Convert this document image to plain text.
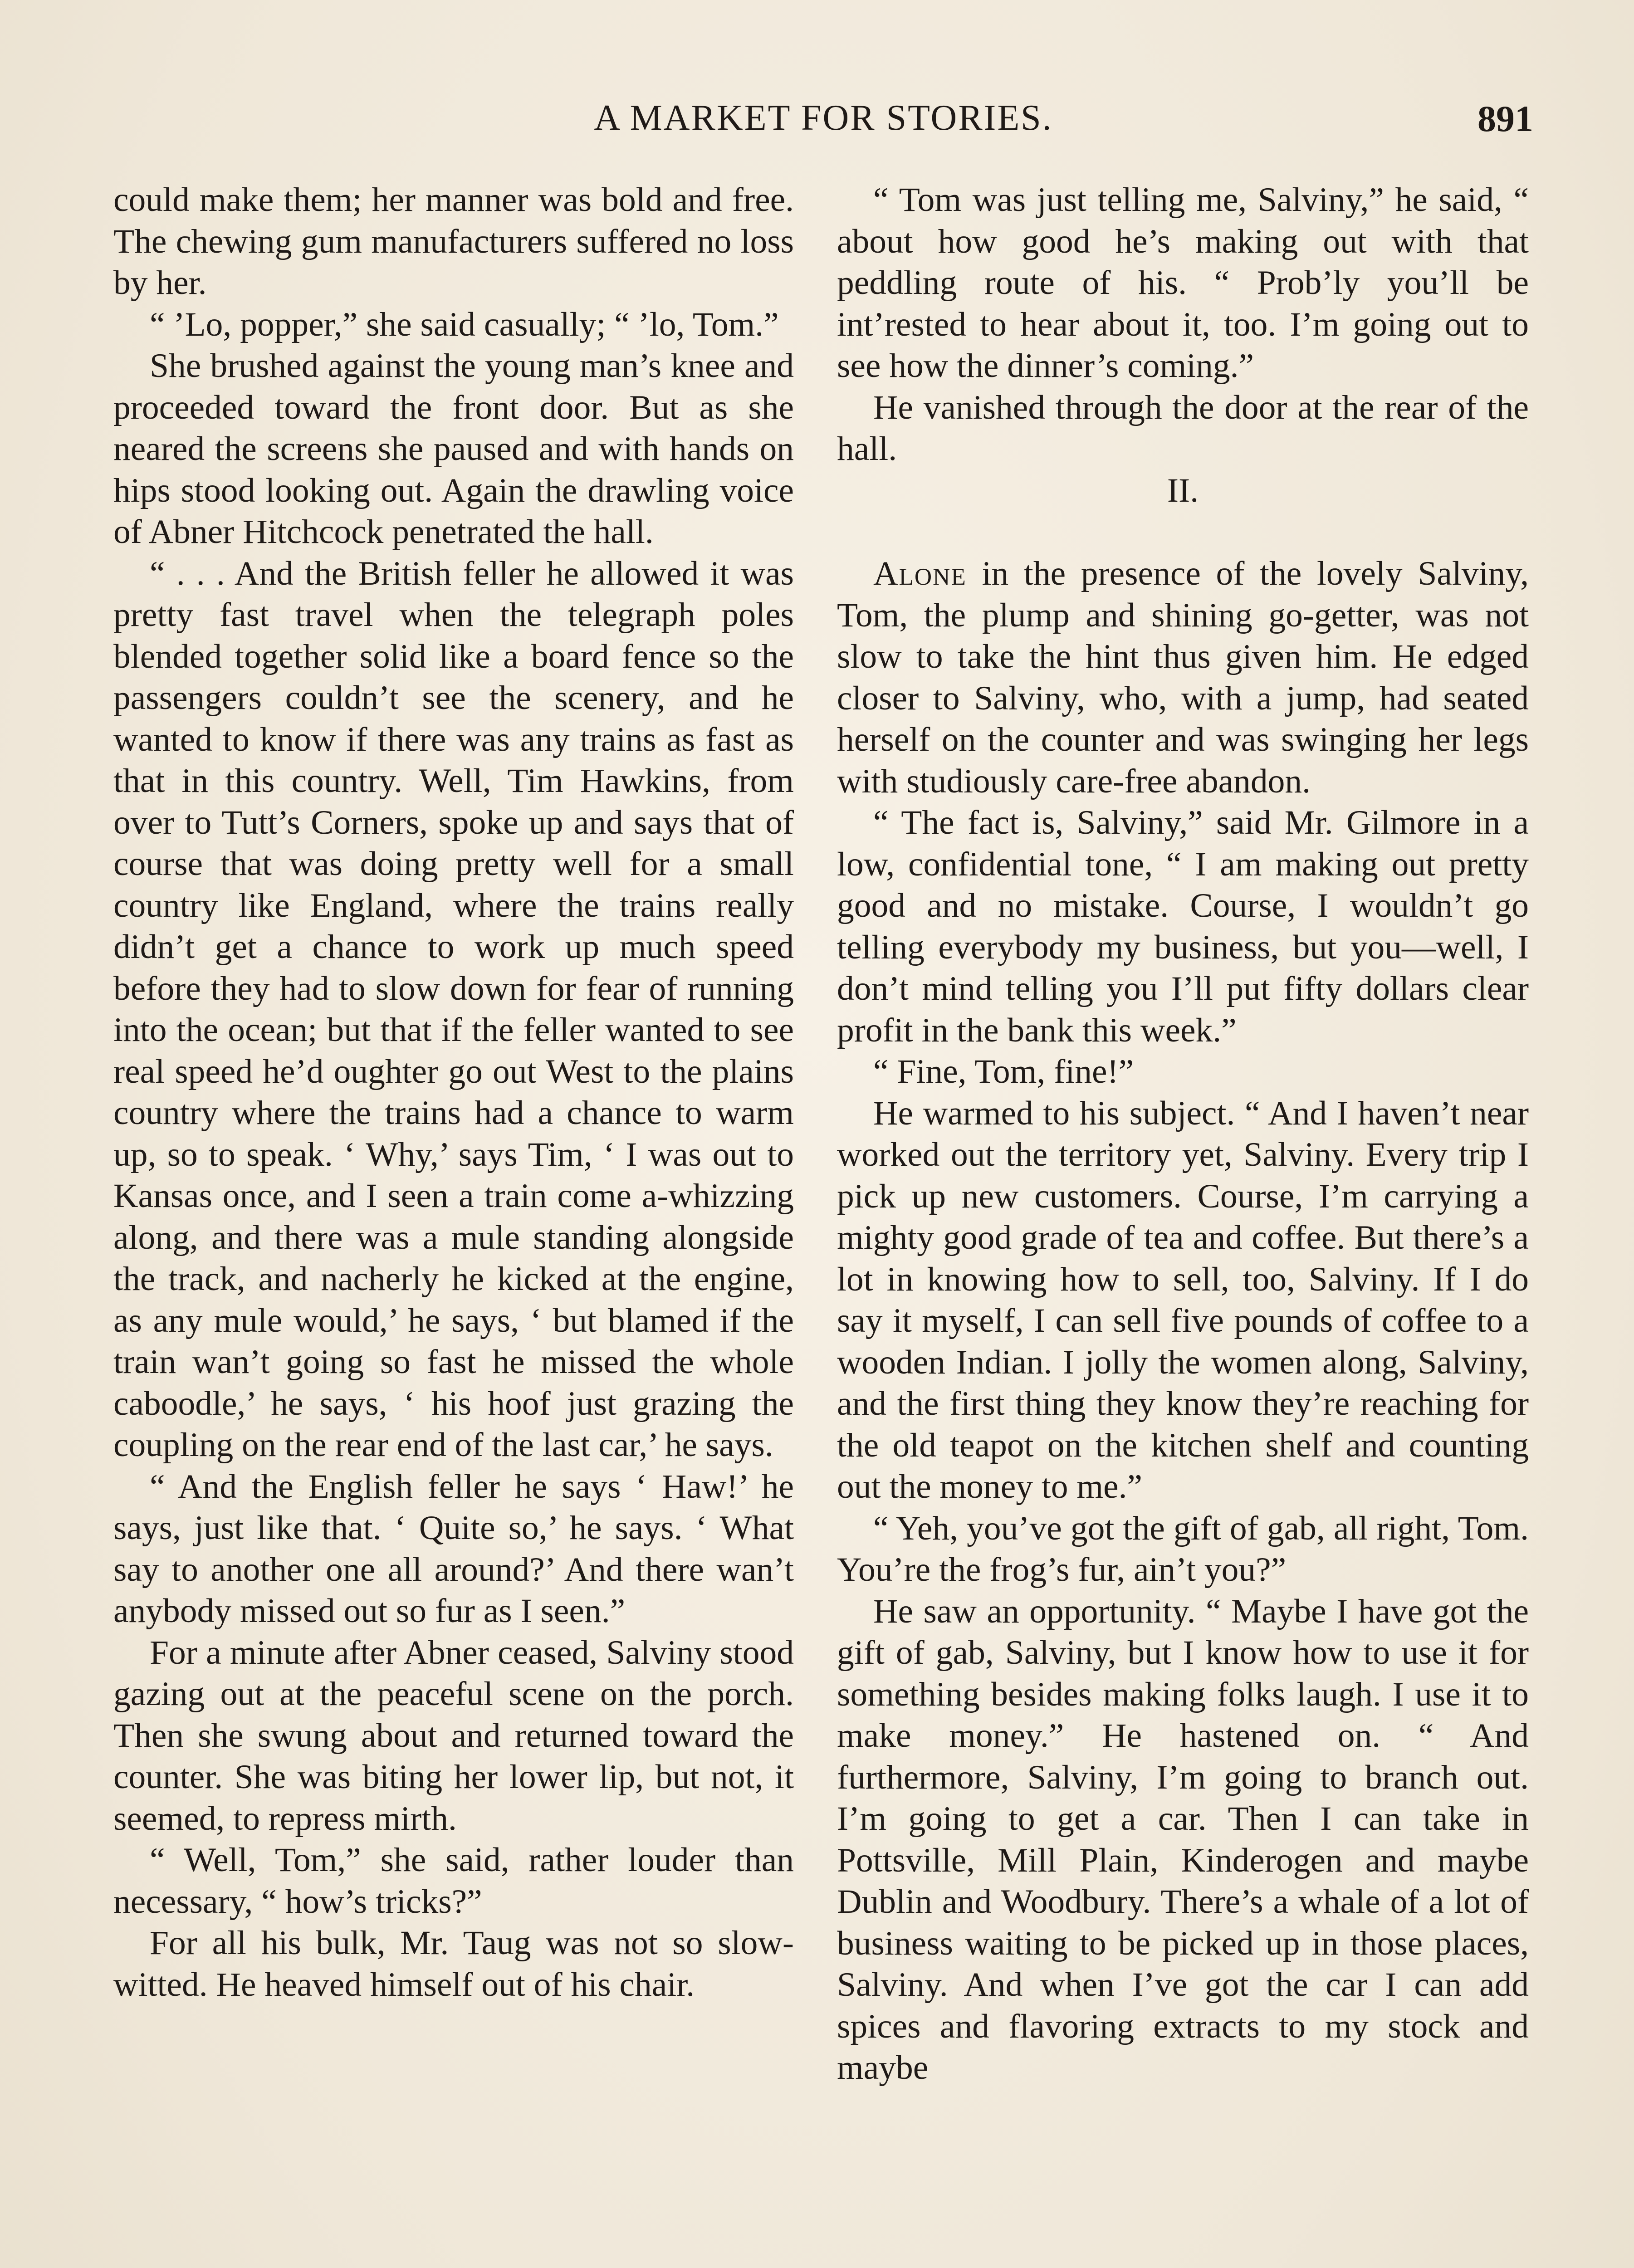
A MARKET FOR STORIES.	891

could make them; her manner was bold and free. The chewing gum manufacturers suffered no loss by her.

“ ’Lo, popper,” she said casually; “ ’lo, Tom.”

She brushed against the young man’s knee and proceeded toward the front door. But as she neared the screens she paused and with hands on hips stood looking out. Again the drawling voice of Abner Hitchcock penetrated the hall.

“ . . . And the British feller he allowed it was pretty fast travel when the telegraph poles blended together solid like a board fence so the passengers couldn’t see the scenery, and he wanted to know if there was any trains as fast as that in this country. Well, Tim Hawkins, from over to Tutt’s Corners, spoke up and says that of course that was doing pretty well for a small country like England, where the trains really didn’t get a chance to work up much speed before they had to slow down for fear of running into the ocean; but that if the feller wanted to see real speed he’d oughter go out West to the plains country where the trains had a chance to warm up, so to speak. ‘ Why,’ says Tim, ‘ I was out to Kansas once, and I seen a train come a-whizzing along, and there was a mule standing alongside the track, and nacherly he kicked at the engine, as any mule would,’ he says, ‘ but blamed if the train wan’t going so fast he missed the whole caboodle,’ he says, ‘ his hoof just grazing the coupling on the rear end of the last car,’ he says.

“ And the English feller he says ‘ Haw!’ he says, just like that. ‘ Quite so,’ he says. ‘ What say to another one all around?’ And there wan’t anybody missed out so fur as I seen.”

For a minute after Abner ceased, Salviny stood gazing out at the peaceful scene on the porch. Then she swung about and returned toward the counter. She was biting her lower lip, but not, it seemed, to repress mirth.

“ Well, Tom,” she said, rather louder than necessary, “ how’s tricks?”

For all his bulk, Mr. Taug was not so slow-witted. He heaved himself out of his chair.

“ Tom was just telling me, Salviny,” he said, “ about how good he’s making out with that peddling route of his. “ Prob’ly you’ll be int’rested to hear about it, too. I’m going out to see how the dinner’s coming.”

He vanished through the door at the rear of the hall.

II.

Alone in the presence of the lovely Salviny, Tom, the plump and shining go-getter, was not slow to take the hint thus given him. He edged closer to Salviny, who, with a jump, had seated herself on the counter and was swinging her legs with studiously care-free abandon.

“ The fact is, Salviny,” said Mr. Gilmore in a low, confidential tone, “ I am making out pretty good and no mistake. Course, I wouldn’t go telling everybody my business, but you—well, I don’t mind telling you I’ll put fifty dollars clear profit in the bank this week.”

“ Fine, Tom, fine!”

He warmed to his subject. “ And I haven’t near worked out the territory yet, Salviny. Every trip I pick up new customers. Course, I’m carrying a mighty good grade of tea and coffee. But there’s a lot in knowing how to sell, too, Salviny. If I do say it myself, I can sell five pounds of coffee to a wooden Indian. I jolly the women along, Salviny, and the first thing they know they’re reaching for the old teapot on the kitchen shelf and counting out the money to me.”

“ Yeh, you’ve got the gift of gab, all right, Tom. You’re the frog’s fur, ain’t you?”

He saw an opportunity. “ Maybe I have got the gift of gab, Salviny, but I know how to use it for something besides making folks laugh. I use it to make money.” He hastened on. “ And furthermore, Salviny, I’m going to branch out. I’m going to get a car. Then I can take in Pottsville, Mill Plain, Kinderogen and maybe Dublin and Woodbury. There’s a whale of a lot of business waiting to be picked up in those places, Salviny. And when I’ve got the car I can add spices and flavoring extracts to my stock and maybe
